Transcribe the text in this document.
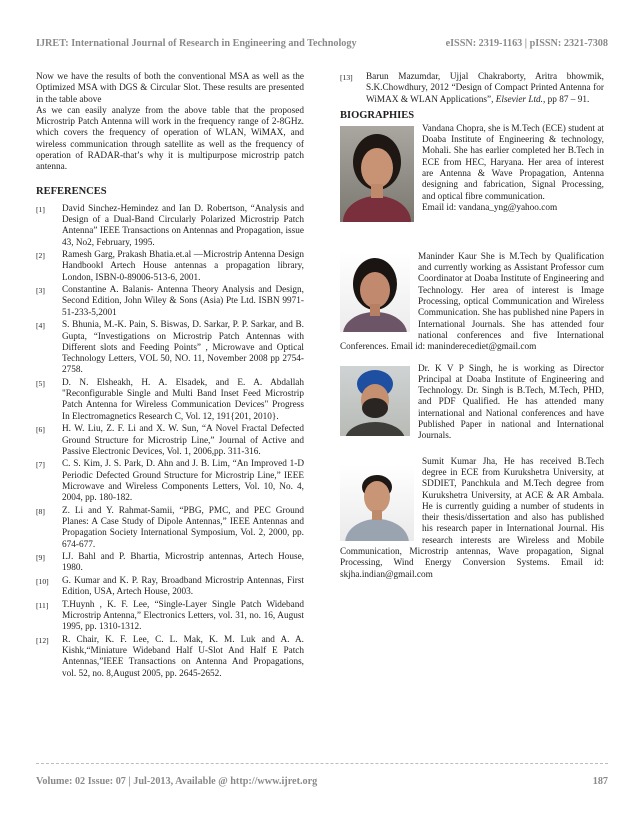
IJRET: International Journal of Research in Engineering and Technology	eISSN: 2319-1163 | pISSN: 2321-7308

Now we have the results of both the conventional MSA as well as the Optimized MSA with DGS & Circular Slot. These results are presented in the table above

As we can easily analyze from the above table that the proposed Microstrip Patch Antenna will work in the frequency range of 2-8GHz. which covers the frequency of operation of WLAN, WiMAX, and wireless communication through satellite as well as the frequency of operation of RADAR-that’s why it is multipurpose microstrip patch antenna.

REFERENCES
[1]	David Sinchez-Hemindez and Ian D. Robertson, “Analysis and Design of a Dual-Band Circularly Polarized Microstrip Patch Antenna” IEEE Transactions on Antennas and Propagation, issue 43, No2, February, 1995.
[2]	Ramesh Garg, Prakash Bhatia.et.al ―Microstrip Antenna Design Handbookǁ Artech House antennas a propagation library, London, ISBN-0-89006-513-6, 2001.
[3]	Constantine A. Balanis- Antenna Theory Analysis and Design, Second Edition, John Wiley & Sons (Asia) Pte Ltd. ISBN 9971-51-233-5,2001
[4]	S. Bhunia, M.-K. Pain, S. Biswas, D. Sarkar, P. P. Sarkar, and B. Gupta, “Investigations on Microstrip Patch Antennas with Different slots and Feeding Points” , Microwave and Optical Technology Letters, VOL 50, NO. 11, November 2008 pp 2754-2758.
[5]	D. N. Elsheakh, H. A. Elsadek, and E. A. Abdallah "Reconfigurable Single and Multi Band Inset Feed Microstrip Patch Antenna for Wireless Communication Devices" Progress In Electromagnetics Research C, Vol. 12, 191{201, 2010}.
[6]	H. W. Liu, Z. F. Li and X. W. Sun, “A Novel Fractal Defected Ground Structure for Microstrip Line,” Journal of Active and Passive Electronic Devices, Vol. 1, 2006,pp. 311-316.
[7]	C. S. Kim, J. S. Park, D. Ahn and J. B. Lim, “An Improved 1-D Periodic Defected Ground Structure for Microstrip Line,” IEEE Microwave and Wireless Components Letters, Vol. 10, No. 4, 2004, pp. 180-182.
[8]	Z. Li and Y. Rahmat-Samii, “PBG, PMC, and PEC Ground Planes: A Case Study of Dipole Antennas,” IEEE Antennas and Propagation Society International Symposium, Vol. 2, 2000, pp. 674-677.
[9]	I.J. Bahl and P. Bhartia, Microstrip antennas, Artech House, 1980.
[10]	G. Kumar and K. P. Ray, Broadband Microstrip Antennas, First Edition, USA, Artech House, 2003.
[11]	T.Huynh , K. F. Lee, “Single-Layer Single Patch Wideband Microstrip Antenna,” Electronics Letters, vol. 31, no. 16, August 1995, pp. 1310-1312.
[12]	R. Chair, K. F. Lee, C. L. Mak, K. M. Luk and A. A. Kishk,“Miniature Wideband Half U-Slot And Half E Patch Antennas,”IEEE Transactions on Antenna And Propagations, vol. 52, no. 8,August 2005, pp. 2645-2652.
[13]	Barun Mazumdar, Ujjal Chakraborty, Aritra bhowmik, S.K.Chowdhury, 2012 “Design of Compact Printed Antenna for WiMAX & WLAN Applications”, Elsevier Ltd., pp 87 – 91.
BIOGRAPHIES

Vandana Chopra, she is M.Tech (ECE) student at Doaba Institute of Engineering & technology, Mohali. She has earlier completed her B.Tech in ECE from HEC, Haryana. Her area of interest are Antenna & Wave Propagation, Antenna designing and fabrication, Signal Processing, and optical fibre communication.

Email id: vandana_yng@yahoo.com

Maninder Kaur She is M.Tech by Qualification and currently working as Assistant Professor cum Coordinator at Doaba Institute of Engineering and Technology. Her area of interest is Image Processing, optical Communication and Wireless Communication. She has published nine Papers in International Journals. She has attended four national conferences and five International Conferences. Email id: maninderecediet@gmail.com

Dr. K V P Singh, he is working as Director Principal at Doaba Institute of Engineering and Technology. Dr. Singh is B.Tech, M.Tech, PHD, and PDF Qualified. He has attended many international and National conferences and have Published Paper in national and International Journals.

Sumit Kumar Jha, He has received B.Tech degree in ECE from Kurukshetra University, at SDDIET, Panchkula and M.Tech degree from Kurukshetra University, at ACE & AR Ambala. He is currently guiding a number of students in their thesis/dissertation and also has published his research paper in International Journal. His research interests are Wireless and Mobile Communication, Microstrip antennas, Wave propagation, Signal Processing, Wind Energy Conversion Systems. Email id: skjha.indian@gmail.com

Volume: 02 Issue: 07 | Jul-2013, Available @ http://www.ijret.org	187
